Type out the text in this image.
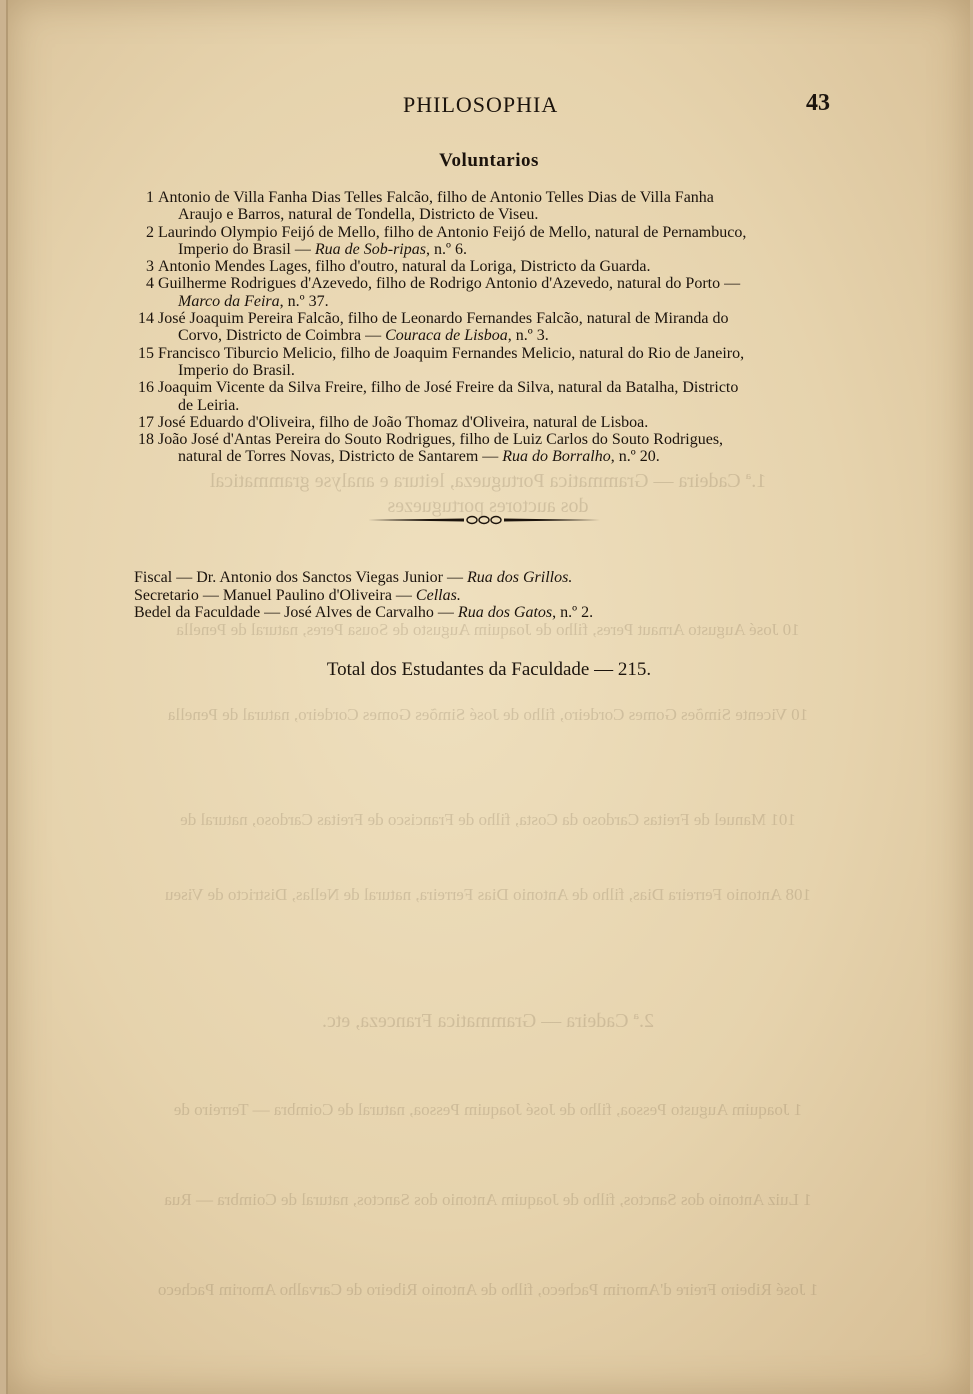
1.ª Cadeira — Grammatica Portugueza, leitura e analyse grammatical
dos auctores portuguezes
10 José Augusto Arnaut Peres, filho de Joaquim Augusto de Sousa Peres, natural de Penella
10 Vicente Simões Gomes Cordeiro, filho de José Simões Gomes Cordeiro, natural de Penella
101 Manuel de Freitas Cardoso da Costa, filho de Francisco de Freitas Cardoso, natural de
108 Antonio Ferreira Dias, filho de Antonio Dias Ferreira, natural de Nellas, Districto de Viseu
2.ª Cadeira — Grammatica Franceza, etc.
1 Joaquim Augusto Pessoa, filho de José Joaquim Pessoa, natural de Coimbra — Terreiro de
1 Luiz Antonio dos Sanctos, filho de Joaquim Antonio dos Sanctos, natural de Coimbra — Rua
1 José Ribeiro Freire d'Amorim Pacheco, filho de Antonio Ribeiro de Carvalho Amorim Pacheco
PHILOSOPHIA	43
Voluntarios
1 Antonio de Villa Fanha Dias Telles Falcão, filho de Antonio Telles Dias de Villa Fanha
Araujo e Barros, natural de Tondella, Districto de Viseu.
2 Laurindo Olympio Feijó de Mello, filho de Antonio Feijó de Mello, natural de Pernambuco,
Imperio do Brasil — Rua de Sob-ripas, n.º 6.
3 Antonio Mendes Lages, filho d'outro, natural da Loriga, Districto da Guarda.
4 Guilherme Rodrigues d'Azevedo, filho de Rodrigo Antonio d'Azevedo, natural do Porto —
Marco da Feira, n.º 37.
14 José Joaquim Pereira Falcão, filho de Leonardo Fernandes Falcão, natural de Miranda do
Corvo, Districto de Coimbra — Couraca de Lisboa, n.º 3.
15 Francisco Tiburcio Melicio, filho de Joaquim Fernandes Melicio, natural do Rio de Janeiro,
Imperio do Brasil.
16 Joaquim Vicente da Silva Freire, filho de José Freire da Silva, natural da Batalha, Districto
de Leiria.
17 José Eduardo d'Oliveira, filho de João Thomaz d'Oliveira, natural de Lisboa.
18 João José d'Antas Pereira do Souto Rodrigues, filho de Luiz Carlos do Souto Rodrigues,
natural de Torres Novas, Districto de Santarem — Rua do Borralho, n.º 20.
Fiscal — Dr. Antonio dos Sanctos Viegas Junior — Rua dos Grillos.
Secretario — Manuel Paulino d'Oliveira — Cellas.
Bedel da Faculdade — José Alves de Carvalho — Rua dos Gatos, n.º 2.
Total dos Estudantes da Faculdade — 215.
